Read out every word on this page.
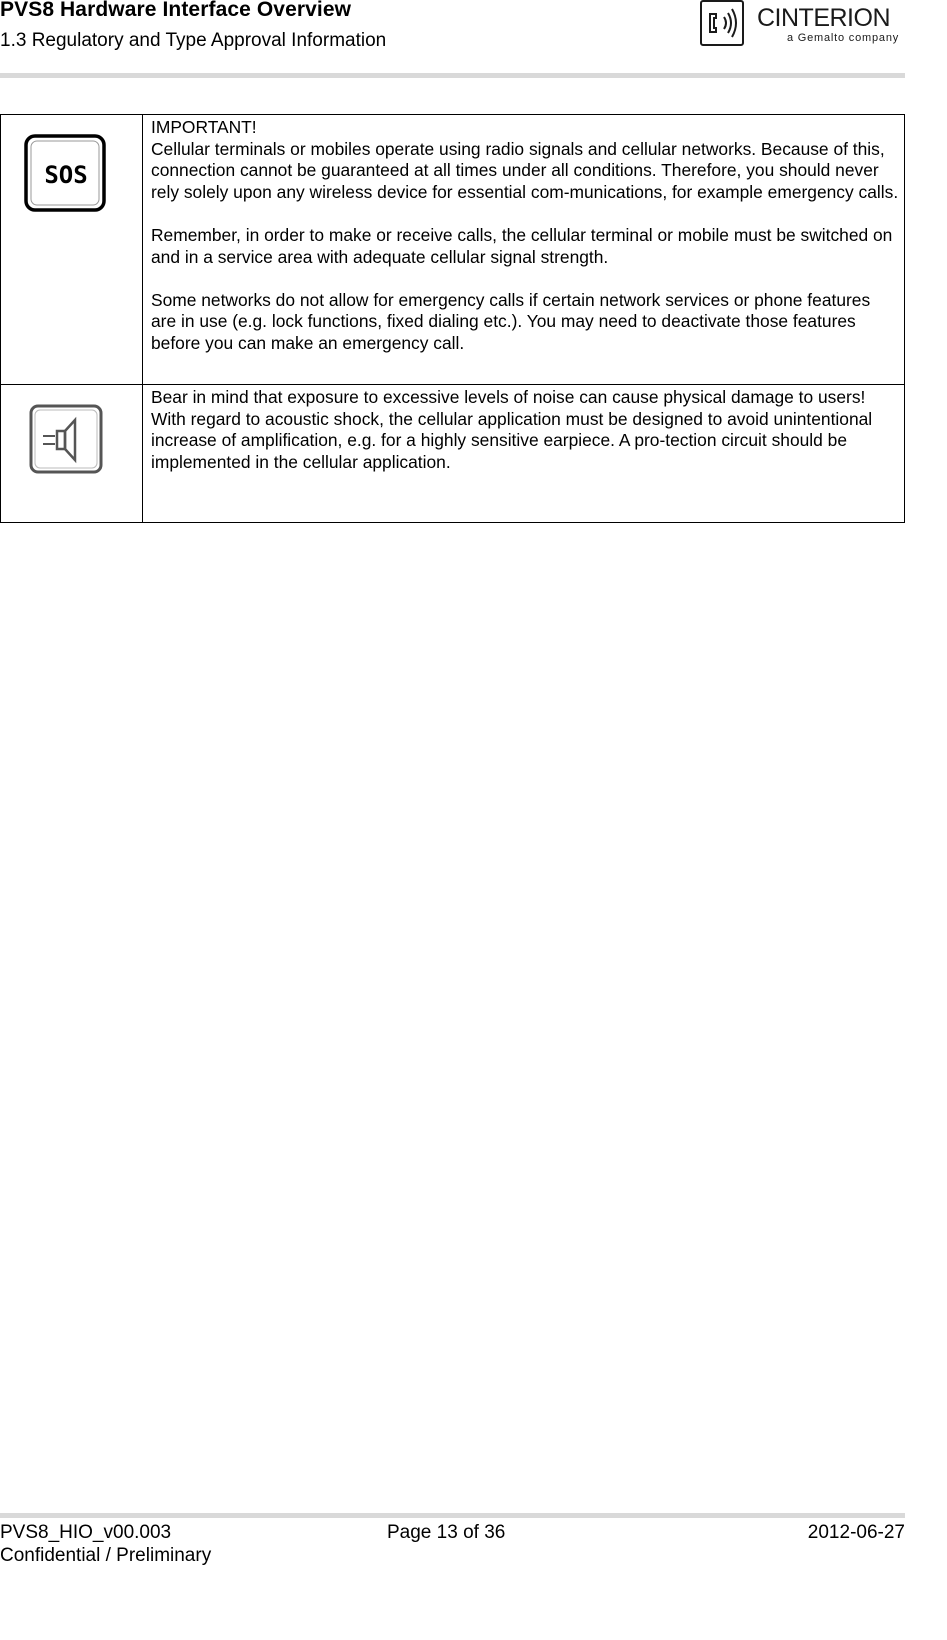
PVS8 Hardware Interface Overview
1.3 Regulatory and Type Approval Information
CINTERION
a Gemalto company
SOS	IMPORTANT!
Cellular terminals or mobiles operate using radio signals and cellular networks. Because of this, connection cannot be guaranteed at all times under all conditions. Therefore, you should never rely solely upon any wireless device for essential com-munications, for example emergency calls.

Remember, in order to make or receive calls, the cellular terminal or mobile must be switched on and in a service area with adequate cellular signal strength.

Some networks do not allow for emergency calls if certain network services or phone features are in use (e.g. lock functions, fixed dialing etc.). You may need to deactivate those features before you can make an emergency call.

Bear in mind that exposure to excessive levels of noise can cause physical damage to users! With regard to acoustic shock, the cellular application must be designed to avoid unintentional increase of amplification, e.g. for a highly sensitive earpiece. A pro-tection circuit should be implemented in the cellular application.

PVS8_HIO_v00.003
Confidential / Preliminary
Page 13 of 36	2012-06-27
